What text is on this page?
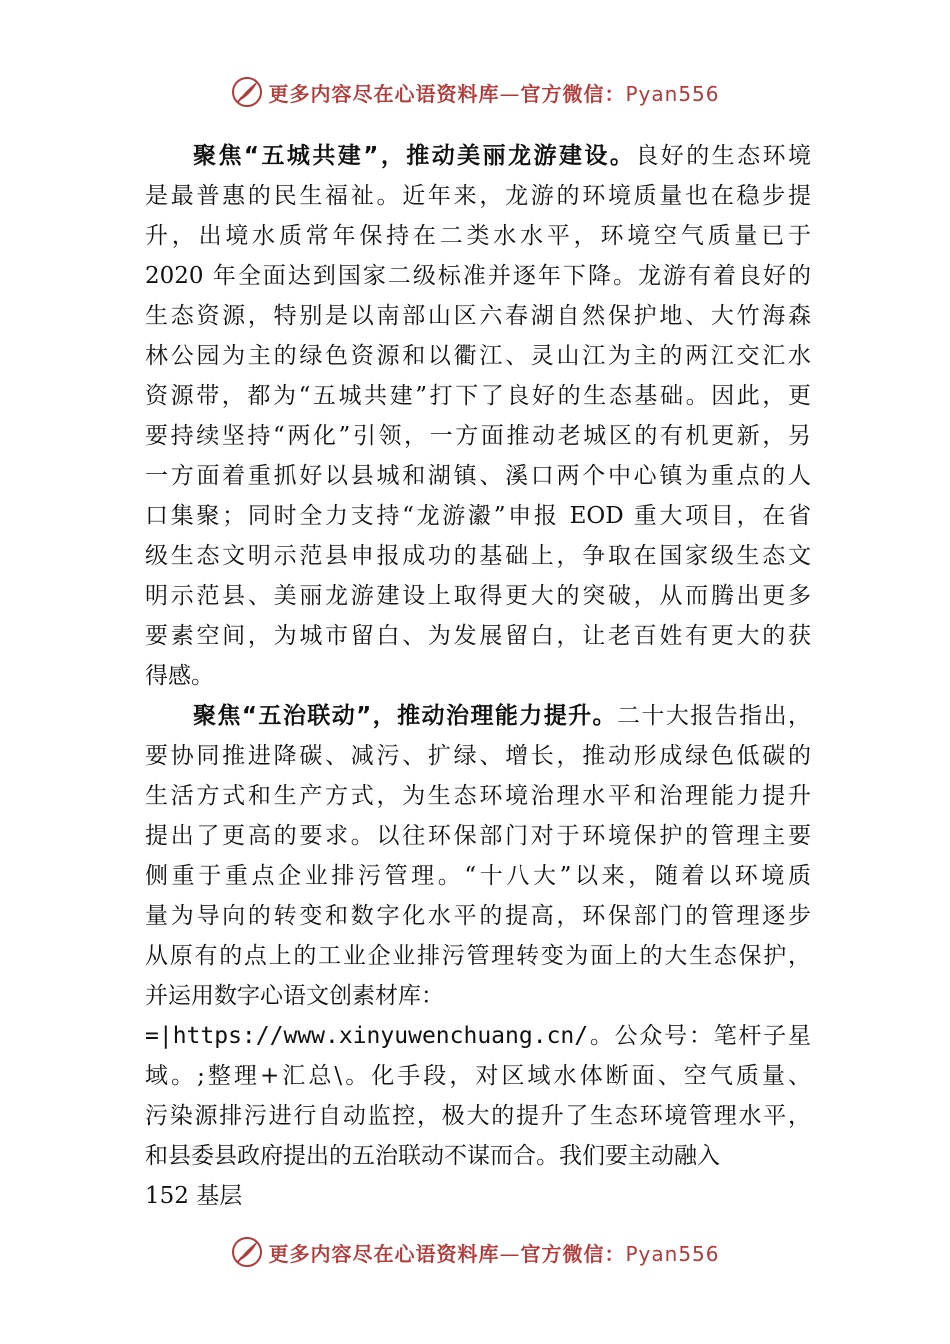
更多内容尽在心语资料库—官方微信：Pyan556
聚焦“五城共建”，推动美丽龙游建设。良好的生态环境
是最普惠的民生福祉。近年来，龙游的环境质量也在稳步提
升，出境水质常年保持在二类水水平，环境空气质量已于
2020 年全面达到国家二级标准并逐年下降。龙游有着良好的
生态资源，特别是以南部山区六春湖自然保护地、大竹海森
林公园为主的绿色资源和以衢江、灵山江为主的两江交汇水
资源带，都为“五城共建”打下了良好的生态基础。因此，更
要持续坚持“两化”引领，一方面推动老城区的有机更新，另
一方面着重抓好以县城和湖镇、溪口两个中心镇为重点的人
口集聚；同时全力支持“龙游瀫”申报 EOD 重大项目，在省
级生态文明示范县申报成功的基础上，争取在国家级生态文
明示范县、美丽龙游建设上取得更大的突破，从而腾出更多
要素空间，为城市留白、为发展留白，让老百姓有更大的获
得感。
聚焦“五治联动”，推动治理能力提升。二十大报告指出，
要协同推进降碳、减污、扩绿、增长，推动形成绿色低碳的
生活方式和生产方式，为生态环境治理水平和治理能力提升
提出了更高的要求。以往环保部门对于环境保护的管理主要
侧重于重点企业排污管理。“十八大”以来，随着以环境质
量为导向的转变和数字化水平的提高，环保部门的管理逐步
从原有的点上的工业企业排污管理转变为面上的大生态保护，
并运用数字心语文创素材库：
=|https://www.xinyuwenchuang.cn/。公众号：笔杆子星
域。;整理+汇总\。化手段，对区域水体断面、空气质量、
污染源排污进行自动监控，极大的提升了生态环境管理水平，
和县委县政府提出的五治联动不谋而合。我们要主动融入
152 基层
更多内容尽在心语资料库—官方微信：Pyan556
